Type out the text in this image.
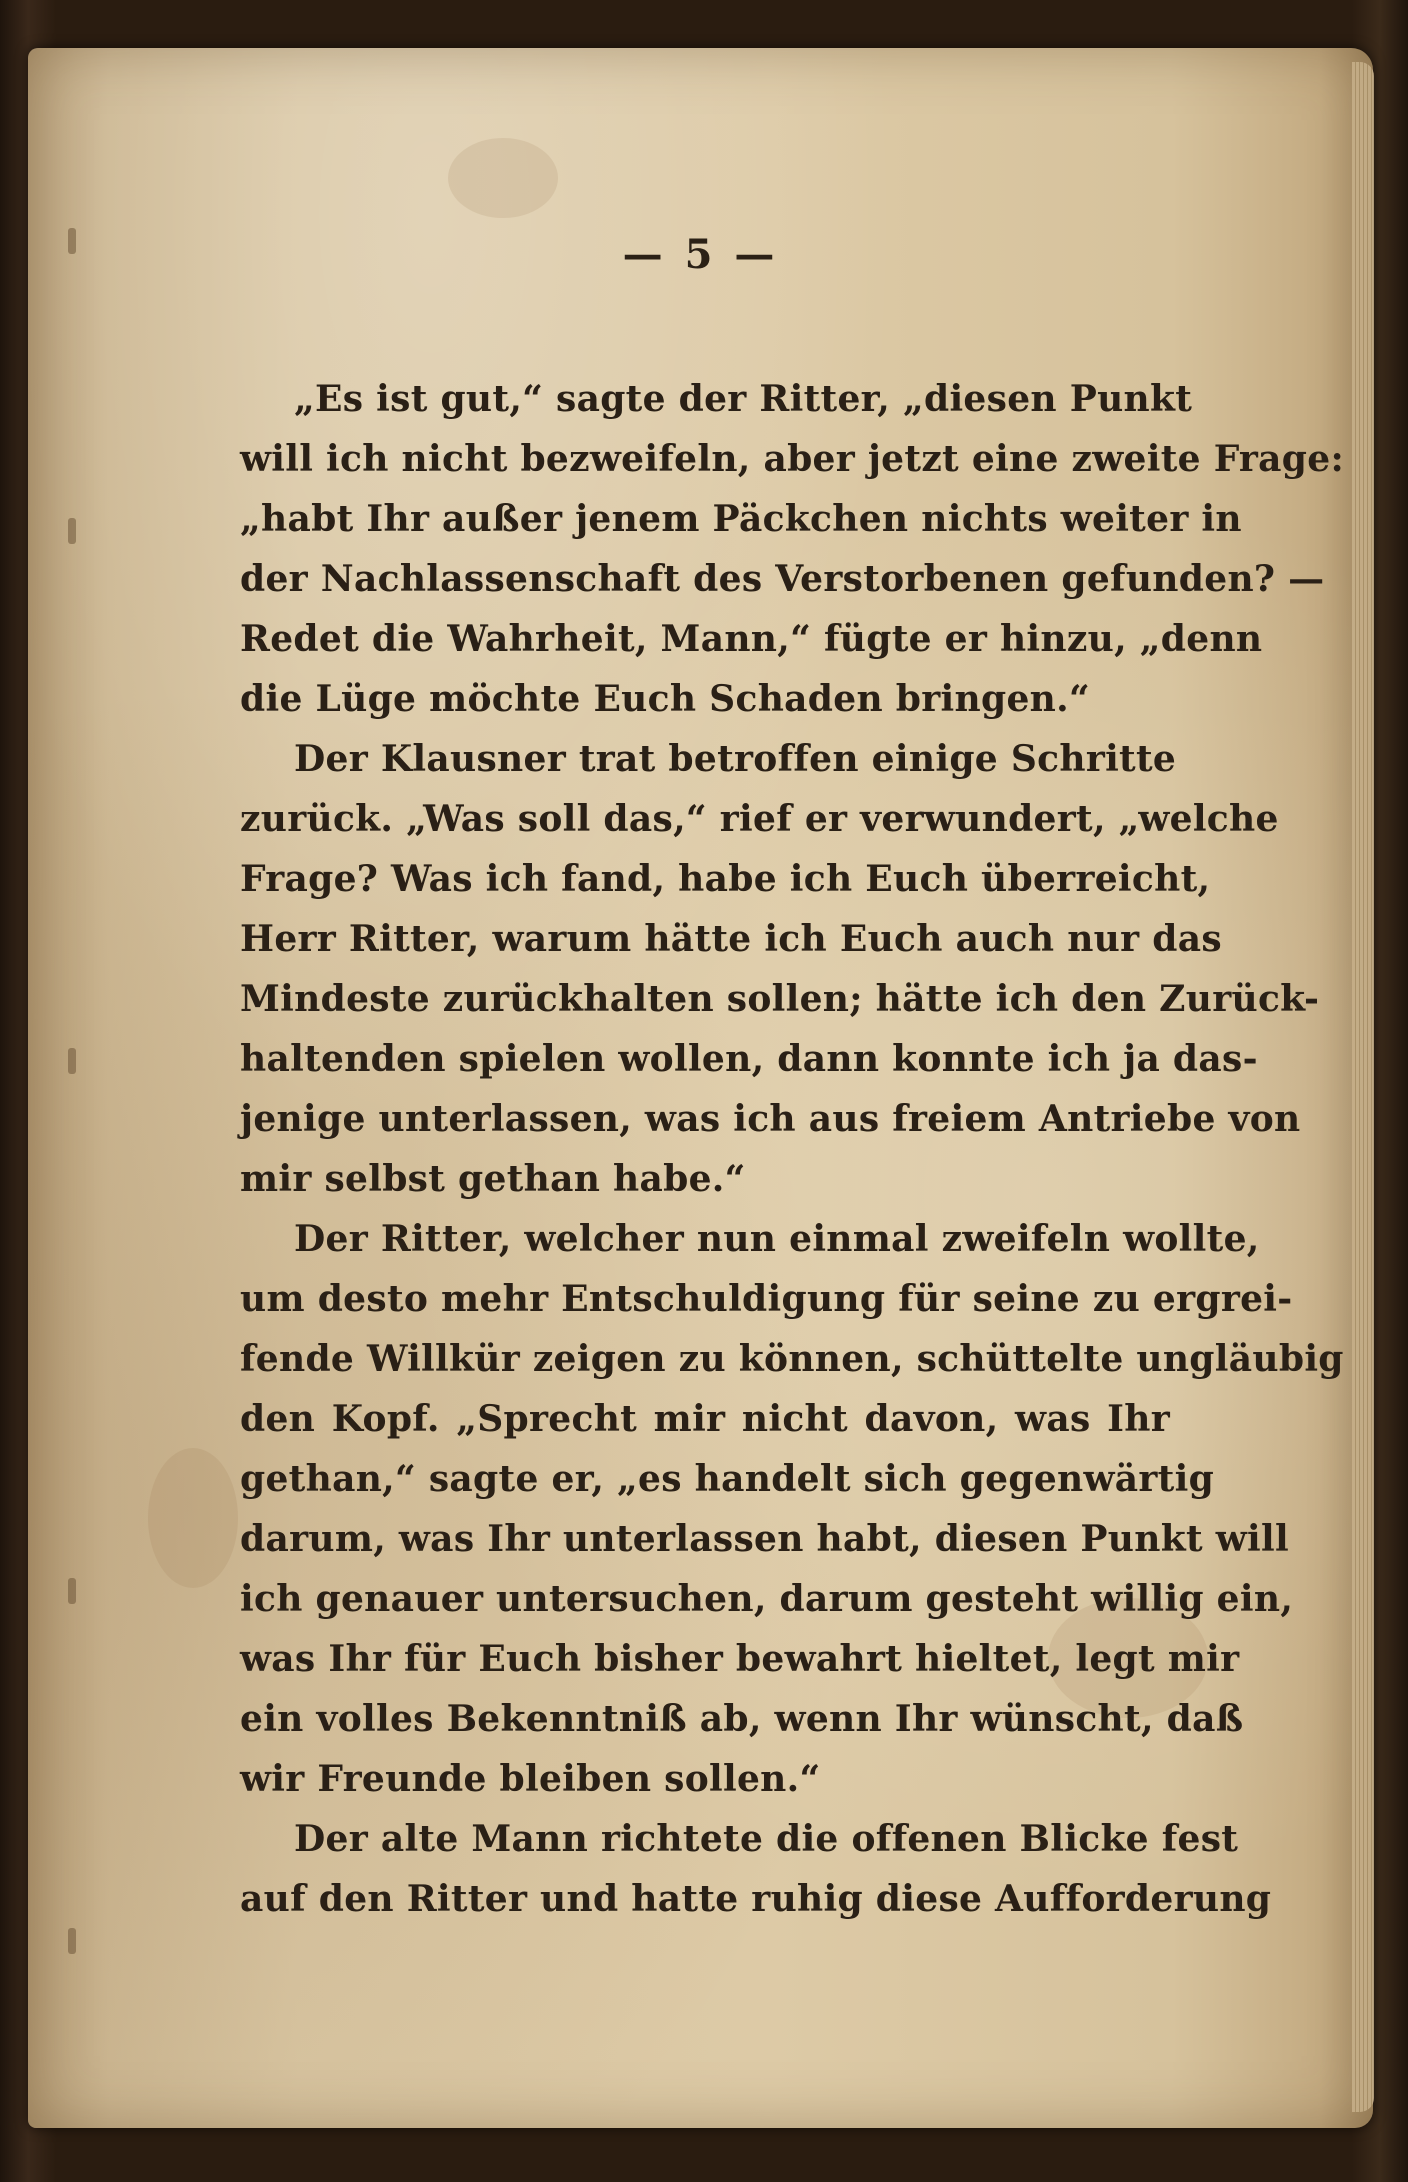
— 5 —
„Es ist gut,“ sagte der Ritter, „diesen Punkt
will ich nicht bezweifeln, aber jetzt eine zweite Frage:
„habt Ihr außer jenem Päckchen nichts weiter in
der Nachlassenschaft des Verstorbenen gefunden? —
Redet die Wahrheit, Mann,“ fügte er hinzu, „denn
die Lüge möchte Euch Schaden bringen.“
Der Klausner trat betroffen einige Schritte
zurück. „Was soll das,“ rief er verwundert, „welche
Frage? Was ich fand, habe ich Euch überreicht,
Herr Ritter, warum hätte ich Euch auch nur das
Mindeste zurückhalten sollen; hätte ich den Zurück-
haltenden spielen wollen, dann konnte ich ja das-
jenige unterlassen, was ich aus freiem Antriebe von
mir selbst gethan habe.“
Der Ritter, welcher nun einmal zweifeln wollte,
um desto mehr Entschuldigung für seine zu ergrei-
fende Willkür zeigen zu können, schüttelte ungläubig
den Kopf. „Sprecht mir nicht davon, was Ihr
gethan,“ sagte er, „es handelt sich gegenwärtig
darum, was Ihr unterlassen habt, diesen Punkt will
ich genauer untersuchen, darum gesteht willig ein,
was Ihr für Euch bisher bewahrt hieltet, legt mir
ein volles Bekenntniß ab, wenn Ihr wünscht, daß
wir Freunde bleiben sollen.“
Der alte Mann richtete die offenen Blicke fest
auf den Ritter und hatte ruhig diese Aufforderung
